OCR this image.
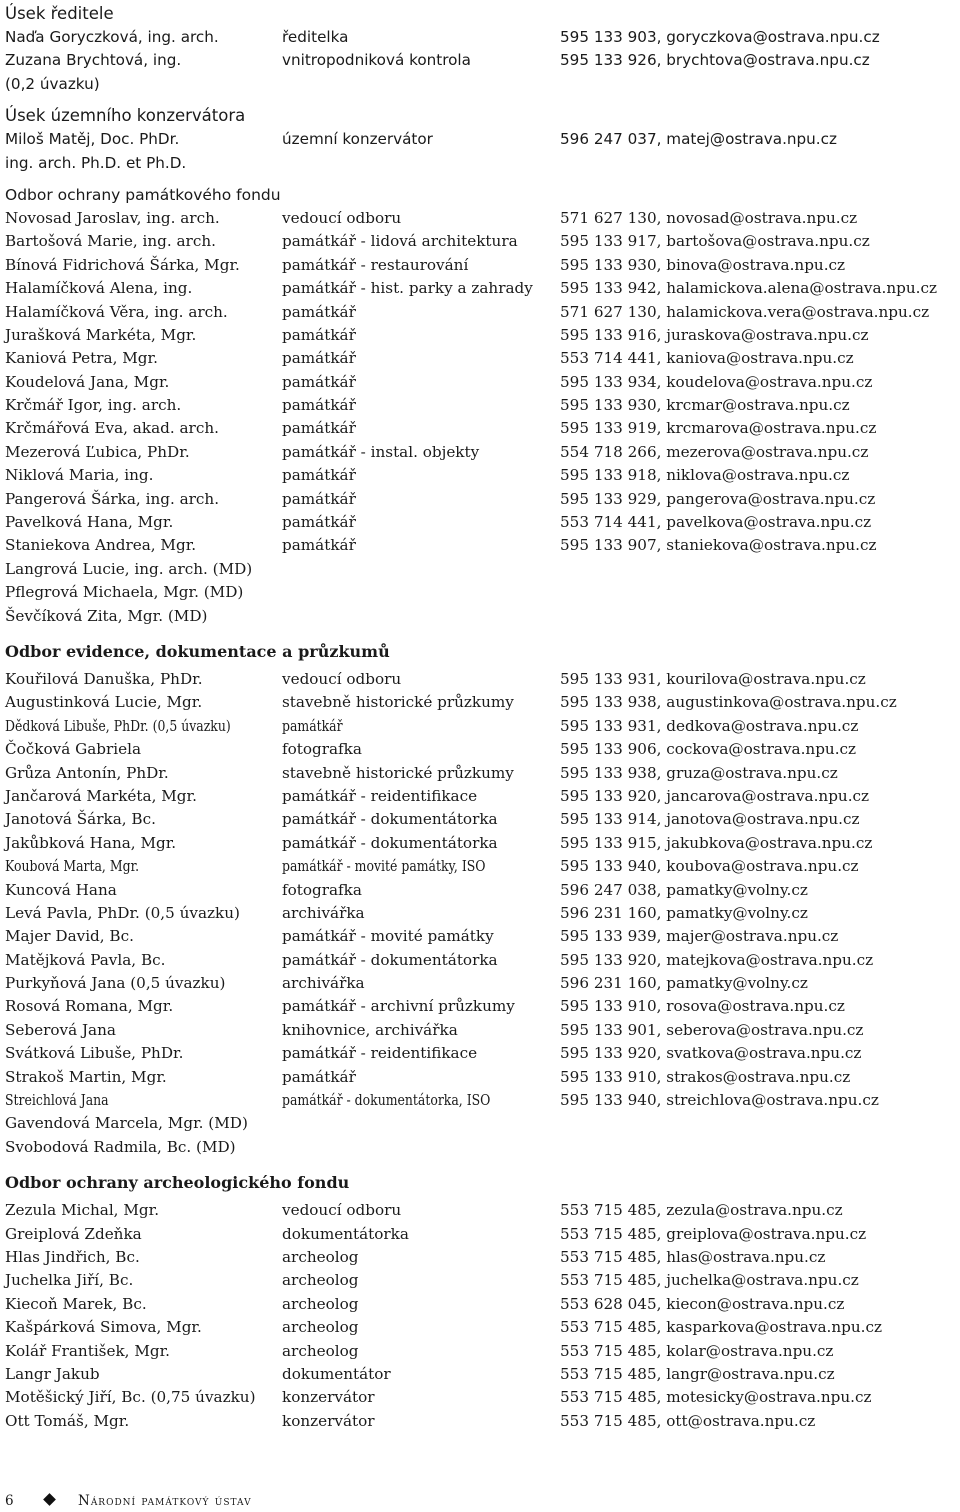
Úsek ředitele
Naďa Goryczková, ing. arch.	ředitelka	595 133 903, goryczkova@ostrava.npu.cz
Zuzana Brychtová, ing.	vnitropodniková kontrola	595 133 926, brychtova@ostrava.npu.cz
(0,2 úvazku)
Úsek územního konzervátora
Miloš Matěj, Doc. PhDr.	územní konzervátor	596 247 037, matej@ostrava.npu.cz
ing. arch. Ph.D. et Ph.D.
Odbor ochrany památkového fondu
Novosad Jaroslav, ing. arch.	vedoucí odboru	571 627 130, novosad@ostrava.npu.cz
Bartošová Marie, ing. arch.	památkář - lidová architektura	595 133 917, bartošova@ostrava.npu.cz
Bínová Fidrichová Šárka, Mgr.	památkář - restaurování	595 133 930, binova@ostrava.npu.cz
Halamíčková Alena, ing.	památkář - hist. parky a zahrady 595 133 942, halamickova.alena@ostrava.npu.cz
Halamíčková Věra, ing. arch.	památkář	571 627 130, halamickova.vera@ostrava.npu.cz
Jurašková Markéta, Mgr.	památkář	595 133 916, juraskova@ostrava.npu.cz
Kaniová Petra, Mgr.	památkář	553 714 441, kaniova@ostrava.npu.cz
Koudelová Jana, Mgr.	památkář	595 133 934, koudelova@ostrava.npu.cz
Krčmář Igor, ing. arch.	památkář	595 133 930, krcmar@ostrava.npu.cz
Krčmářová Eva, akad. arch.	památkář	595 133 919, krcmarova@ostrava.npu.cz
Mezerová Ľubica, PhDr.	památkář - instal. objekty	554 718 266, mezerova@ostrava.npu.cz
Niklová Maria, ing.	památkář	595 133 918, niklova@ostrava.npu.cz
Pangerová Šárka, ing. arch.	památkář	595 133 929, pangerova@ostrava.npu.cz
Pavelková Hana, Mgr.	památkář	553 714 441, pavelkova@ostrava.npu.cz
Staniekova Andrea, Mgr.	památkář	595 133 907, staniekova@ostrava.npu.cz
Langrová Lucie, ing. arch. (MD)
Pflegrová Michaela, Mgr. (MD)
Ševčíková Zita, Mgr. (MD)
Odbor evidence, dokumentace a průzkumů
Kouřilová Danuška, PhDr.	vedoucí odboru	595 133 931, kourilova@ostrava.npu.cz
Augustinková Lucie, Mgr.	stavebně historické průzkumy	595 133 938, augustinkova@ostrava.npu.cz
Dědková Libuše, PhDr. (0,5 úvazku)	památkář	595 133 931, dedkova@ostrava.npu.cz
Čočková Gabriela	fotografka	595 133 906, cockova@ostrava.npu.cz
Grůza Antonín, PhDr.	stavebně historické průzkumy	595 133 938, gruza@ostrava.npu.cz
Jančarová Markéta, Mgr.	památkář - reidentifikace	595 133 920, jancarova@ostrava.npu.cz
Janotová Šárka, Bc.	památkář - dokumentátorka	595 133 914, janotova@ostrava.npu.cz
Jakůbková Hana, Mgr.	památkář - dokumentátorka	595 133 915, jakubkova@ostrava.npu.cz
Koubová Marta, Mgr.	památkář - movité památky, ISO	595 133 940, koubova@ostrava.npu.cz
Kuncová Hana	fotografka	596 247 038, pamatky@volny.cz
Levá Pavla, PhDr. (0,5 úvazku)	archivářka	596 231 160, pamatky@volny.cz
Majer David, Bc.	památkář - movité památky	595 133 939, majer@ostrava.npu.cz
Matějková Pavla, Bc.	památkář - dokumentátorka	595 133 920, matejkova@ostrava.npu.cz
Purkyňová Jana (0,5 úvazku)	archivářka	596 231 160, pamatky@volny.cz
Rosová Romana, Mgr.	památkář - archivní průzkumy	595 133 910, rosova@ostrava.npu.cz
Seberová Jana	knihovnice, archivářka	595 133 901, seberova@ostrava.npu.cz
Svátková Libuše, PhDr.	památkář - reidentifikace	595 133 920, svatkova@ostrava.npu.cz
Strakoš Martin, Mgr.	památkář	595 133 910, strakos@ostrava.npu.cz
Streichlová Jana	památkář - dokumentátorka, ISO	595 133 940, streichlova@ostrava.npu.cz
Gavendová Marcela, Mgr. (MD)
Svobodová Radmila, Bc. (MD)
Odbor ochrany archeologického fondu
Zezula Michal, Mgr.	vedoucí odboru	553 715 485, zezula@ostrava.npu.cz
Greiplová Zdeňka	dokumentátorka	553 715 485, greiplova@ostrava.npu.cz
Hlas Jindřich, Bc.	archeolog	553 715 485, hlas@ostrava.npu.cz
Juchelka Jiří, Bc.	archeolog	553 715 485, juchelka@ostrava.npu.cz
Kiecoň Marek, Bc.	archeolog	553 628 045, kiecon@ostrava.npu.cz
Kašpárková Simova, Mgr.	archeolog	553 715 485, kasparkova@ostrava.npu.cz
Kolář František, Mgr.	archeolog	553 715 485, kolar@ostrava.npu.cz
Langr Jakub	dokumentátor	553 715 485, langr@ostrava.npu.cz
Motěšický Jiří, Bc. (0,75 úvazku) konzervátor	553 715 485, motesicky@ostrava.npu.cz
Ott Tomáš, Mgr.	konzervátor	553 715 485, ott@ostrava.npu.cz
6	Národní památkový ústav
